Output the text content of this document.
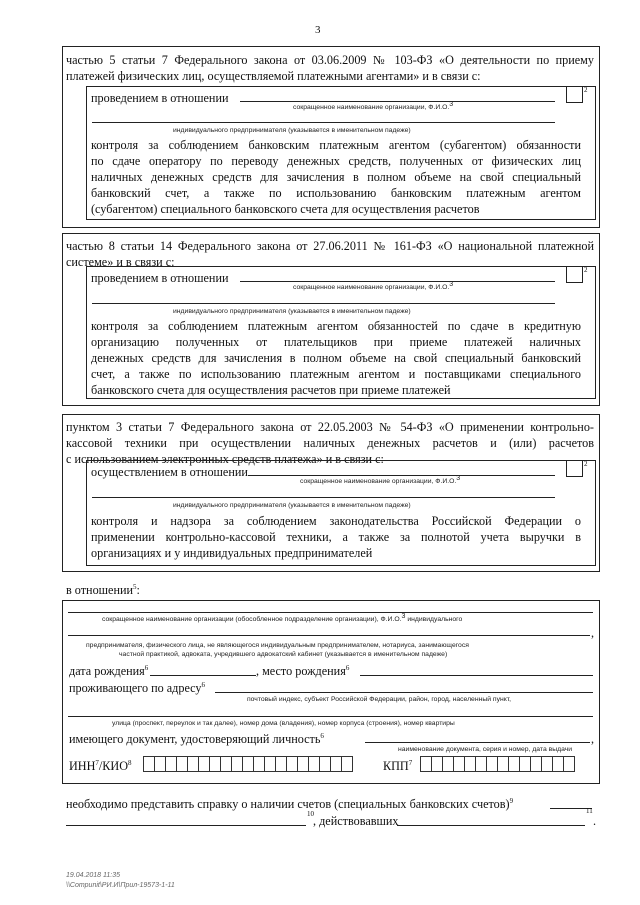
3
частью 5 статьи 7 Федерального закона от 03.06.2009 № 103-ФЗ «О деятельности по приему
платежей физических лиц, осуществляемой платежными агентами» и в связи с:
проведением в отношении
2
сокращенное наименование организации, Ф.И.О.3
индивидуального предпринимателя (указывается в именительном падеже)
контроля за соблюдением банковским платежным агентом (субагентом) обязанности
по сдаче оператору по переводу денежных средств, полученных от физических лиц
наличных денежных средств для зачисления в полном объеме на свой специальный
банковский счет, а также по использованию банковским платежным агентом
(субагентом) специального банковского счета для осуществления расчетов
частью 8 статьи 14 Федерального закона от 27.06.2011 № 161-ФЗ «О национальной платежной
системе» и в связи с:
проведением в отношении
2
сокращенное наименование организации, Ф.И.О.3
индивидуального предпринимателя (указывается в именительном падеже)
контроля за соблюдением платежным агентом обязанностей по сдаче в кредитную
организацию полученных от плательщиков при приеме платежей наличных
денежных средств для зачисления в полном объеме на свой специальный банковский
счет, а также по использованию платежным агентом и поставщиками специального
банковского счета для осуществления расчетов при приеме платежей
пунктом 3 статьи 7 Федерального закона от 22.05.2003 № 54-ФЗ «О применении контрольно-
кассовой техники при осуществлении наличных денежных расчетов и (или) расчетов
с использованием электронных средств платежа» и в связи с:
осуществлением в отношении
2
сокращенное наименование организации, Ф.И.О.3
индивидуального предпринимателя (указывается в именительном падеже)
контроля и надзора за соблюдением законодательства Российской Федерации о
применении контрольно-кассовой техники, а также за полнотой учета выручки в
организациях и у индивидуальных предпринимателей
в отношении$^5$:
сокращенное наименование организации (обособленное подразделение организации), Ф.И.О.3 индивидуального
,
предпринимателя, физического лица, не являющегося индивидуальным предпринимателем, нотариуса, занимающегося
частной практикой, адвоката, учредившего адвокатский кабинет (указывается в именительном падеже)
дата рождения$^6$	, место рождения$^6$
проживающего по адресу$^6$
почтовый индекс, субъект Российской Федерации, район, город, населенный пункт,
улица (проспект, переулок и так далее), номер дома (владения), номер корпуса (строения), номер квартиры
имеющего документ, удостоверяющий личность$^6$	,
наименование документа, серия и номер, дата выдачи
ИНН$^7$/КИО$^8$	КПП$^7$
необходимо представить справку о наличии счетов (специальных банковских счетов)$^9$
10 , действовавших
11
.
19.04.2018 11:35
\\Compunit\РИ.И\Прил-19573-1-11
